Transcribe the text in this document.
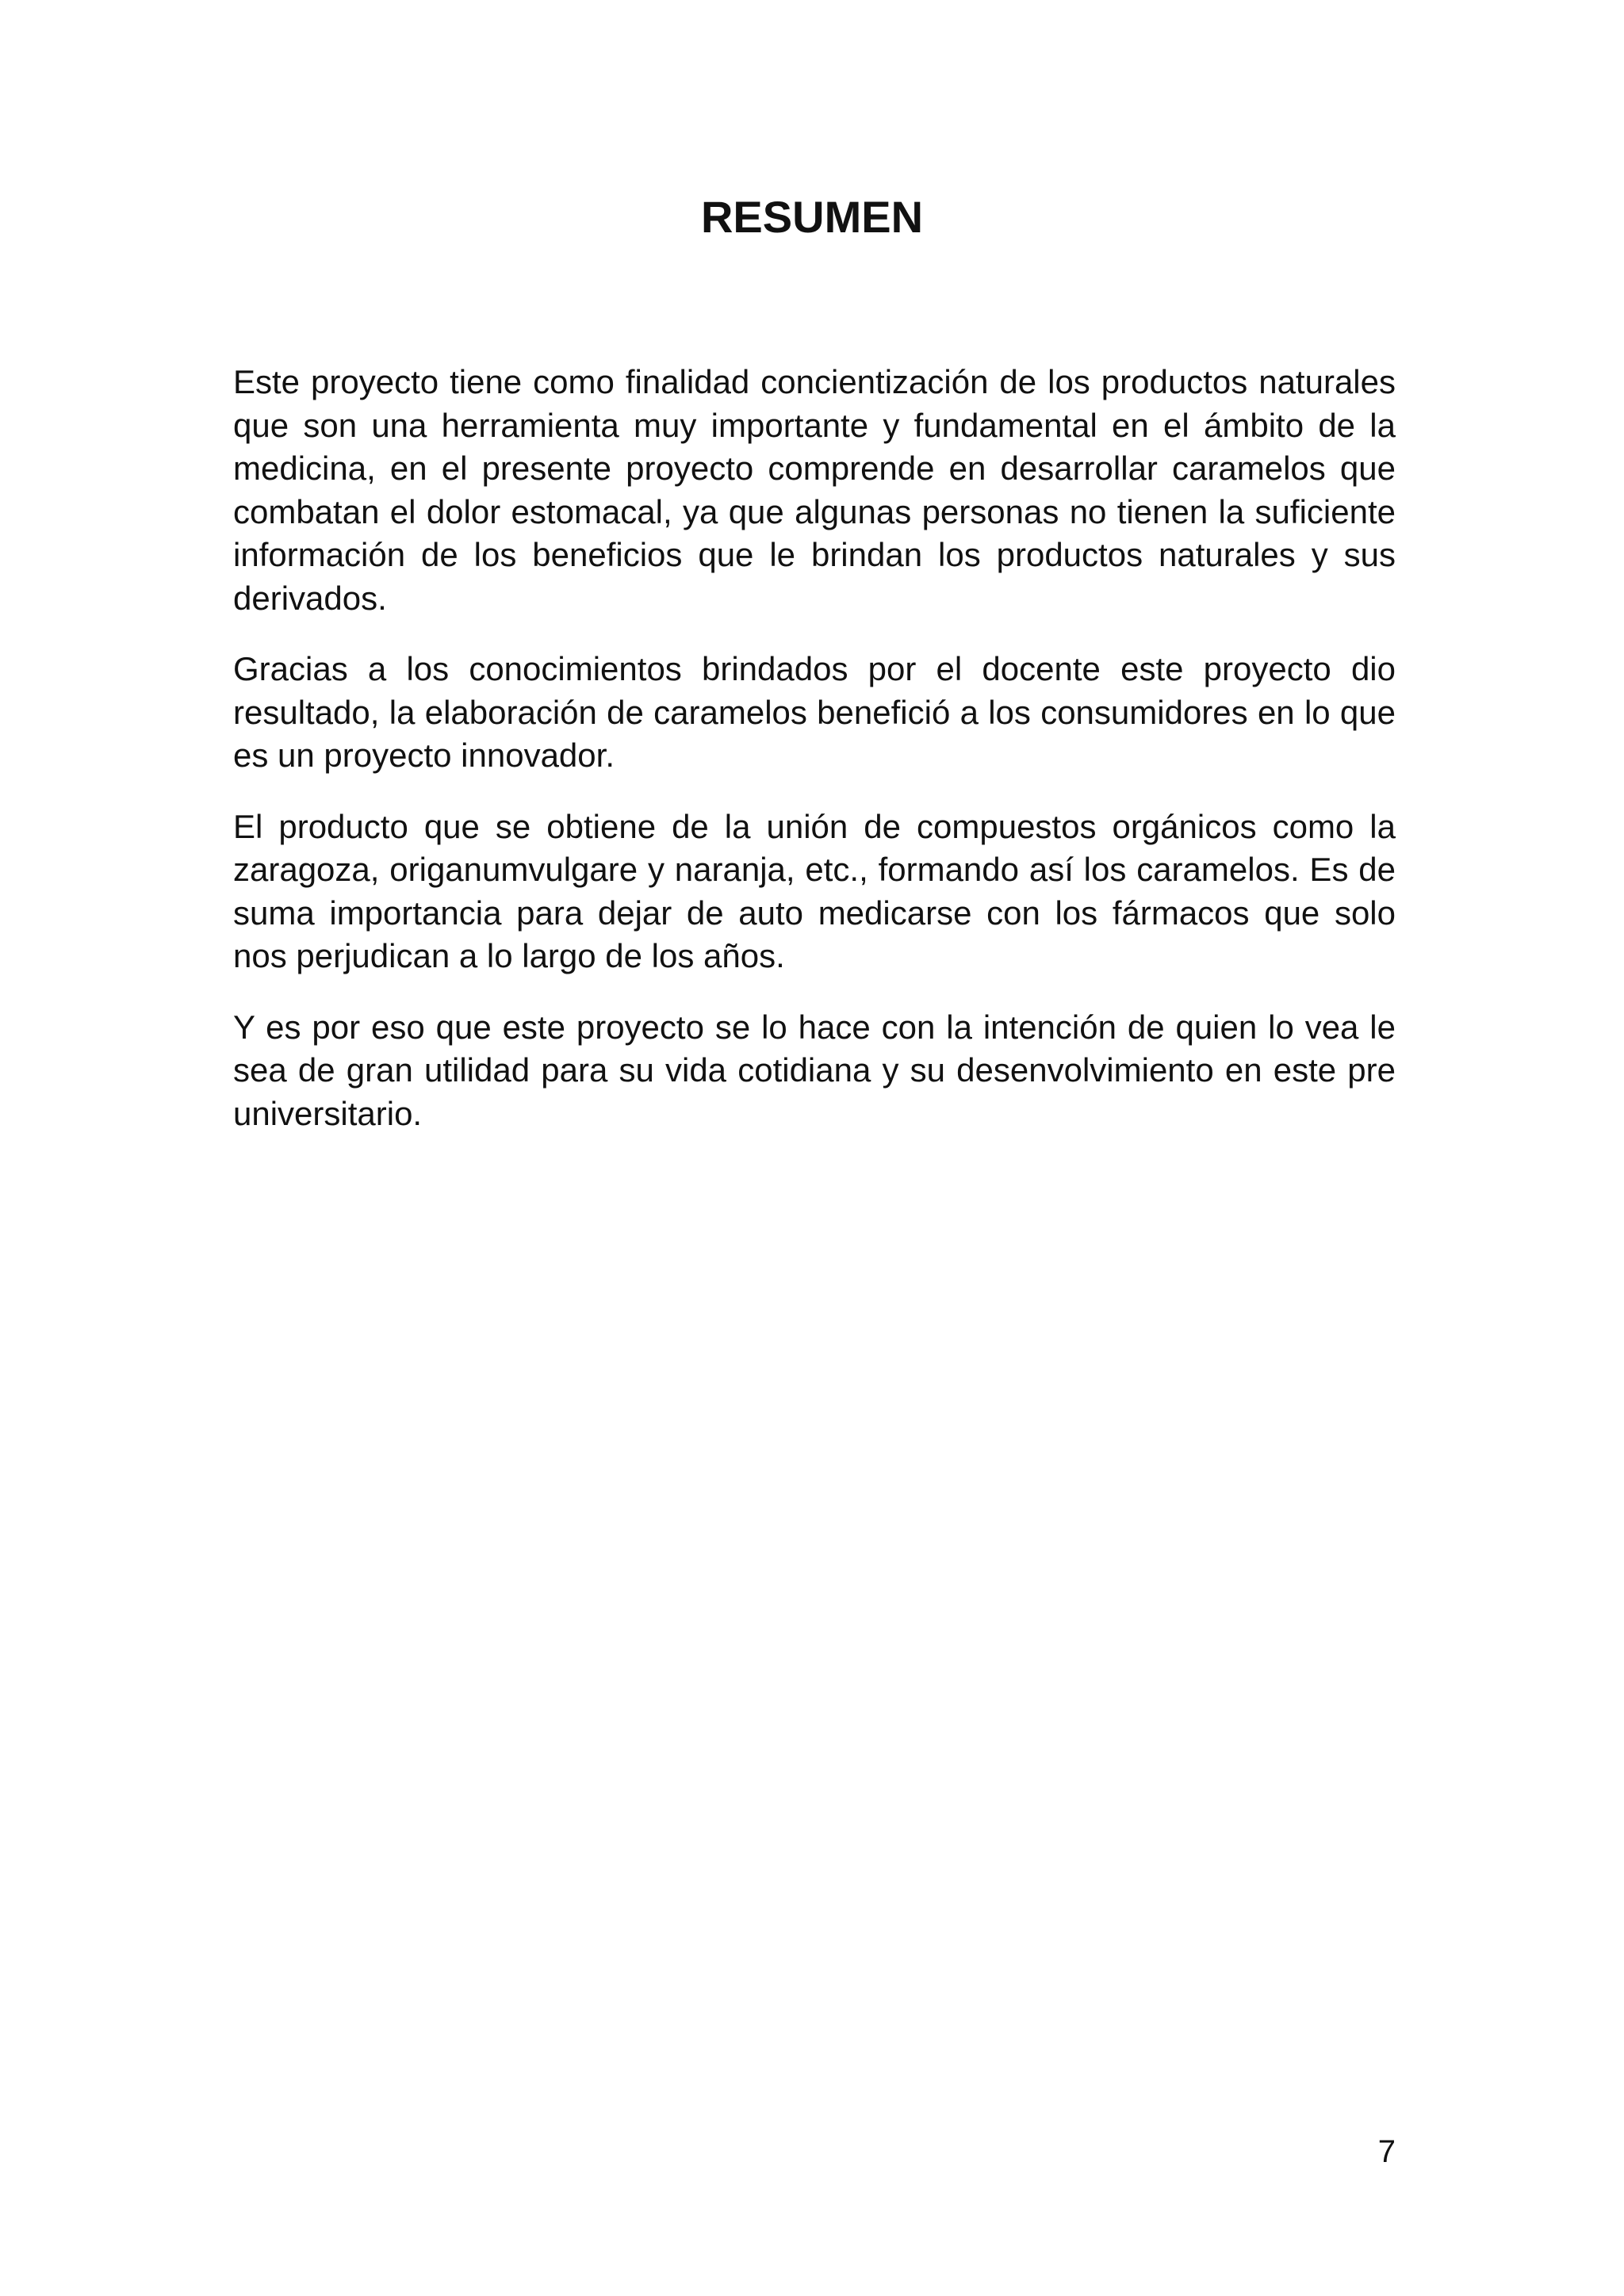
RESUMEN

Este proyecto tiene como finalidad concientización de los productos naturales que son una herramienta muy importante y fundamental en el ámbito de la medicina, en el presente proyecto comprende en desarrollar caramelos que combatan el dolor estomacal, ya que algunas personas no tienen la suficiente información de los beneficios que le brindan los productos naturales y sus derivados.

Gracias a los conocimientos brindados por el docente este proyecto dio resultado, la elaboración de caramelos benefició a los consumidores en lo que es un proyecto innovador.

El producto que se obtiene de la unión de compuestos orgánicos como la zaragoza, origanumvulgare y naranja, etc., formando así los caramelos. Es de suma importancia para dejar de auto medicarse con los fármacos que solo nos perjudican a lo largo de los años.

Y es por eso que este proyecto se lo hace con la intención de quien lo vea le sea de gran utilidad para su vida cotidiana y su desenvolvimiento en este pre universitario.

7
